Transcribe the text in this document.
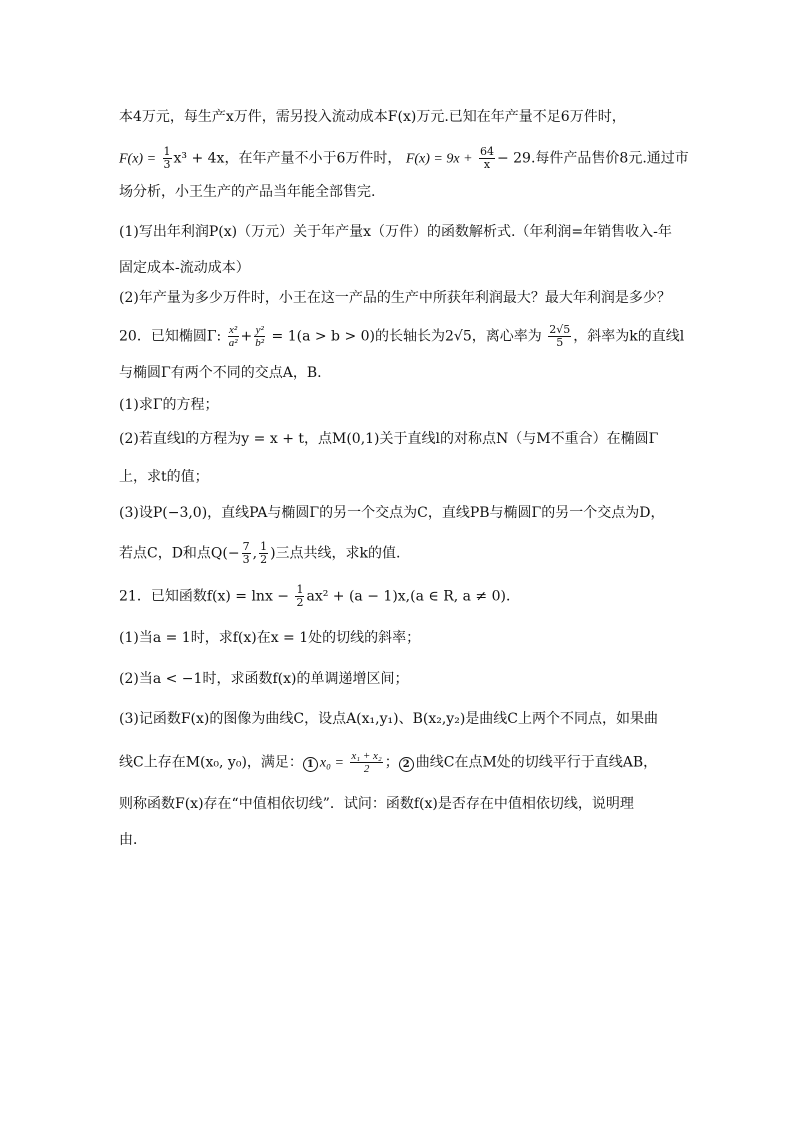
本4万元，每生产x万件，需另投入流动成本F(x)万元.已知在年产量不足6万件时，
$F(x) = \frac{1}{3} x^3 + 4x$，在年产量不小于6万件时， $F(x) = 9x + \frac{64}{x} - 29$.每件产品售价8元.通过市
场分析，小王生产的产品当年能全部售完.
(1)写出年利润P(x)（万元）关于年产量x（万件）的函数解析式.（年利润=年销售收入-年
固定成本-流动成本）
(2)年产量为多少万件时，小王在这一产品的生产中所获年利润最大？最大年利润是多少？
20．已知椭圆Γ: $\frac{\text{x²}}{\text{a²}} + \frac{\text{y²}}{\text{b²}} = 1(a > b > 0)$的长轴长为2√5，离心率为 $\frac{2√5}{5}$ ，斜率为k的直线l
与椭圆Γ有两个不同的交点A，B.
(1)求Γ的方程；
(2)若直线l的方程为y = x + t，点M(0,1)关于直线l的对称点N（与M不重合）在椭圆Γ
上，求t的值；
(3)设P(−3,0)，直线PA与椭圆Γ的另一个交点为C，直线PB与椭圆Γ的另一个交点为D，
若点C，D和点$Q(- \frac{7}{3}$ , $\frac{1}{2}$ )三点共线，求k的值.
21．已知函数$f(x) = \ln x - \frac{1}{2} ax^2 + (a - 1)x,(a$ ∈ R, a ≠ 0)．
(1)当a = 1时，求f(x)在x = 1处的切线的斜率；
(2)当a < −1时，求函数f(x)的单调递增区间；
(3)记函数F(x)的图像为曲线C，设点A(x₁,y₁)、B(x₂,y₂)是曲线C上两个不同点，如果曲
线C上存在M(x₀, y₀)，满足： 1 $x_0 = \frac{\text{x₁ + x₂}}{2}$ ； 2 曲线C在点M处的切线平行于直线AB，
则称函数F(x)存在“中值相依切线”．试问：函数f(x)是否存在中值相依切线，说明理
由．
